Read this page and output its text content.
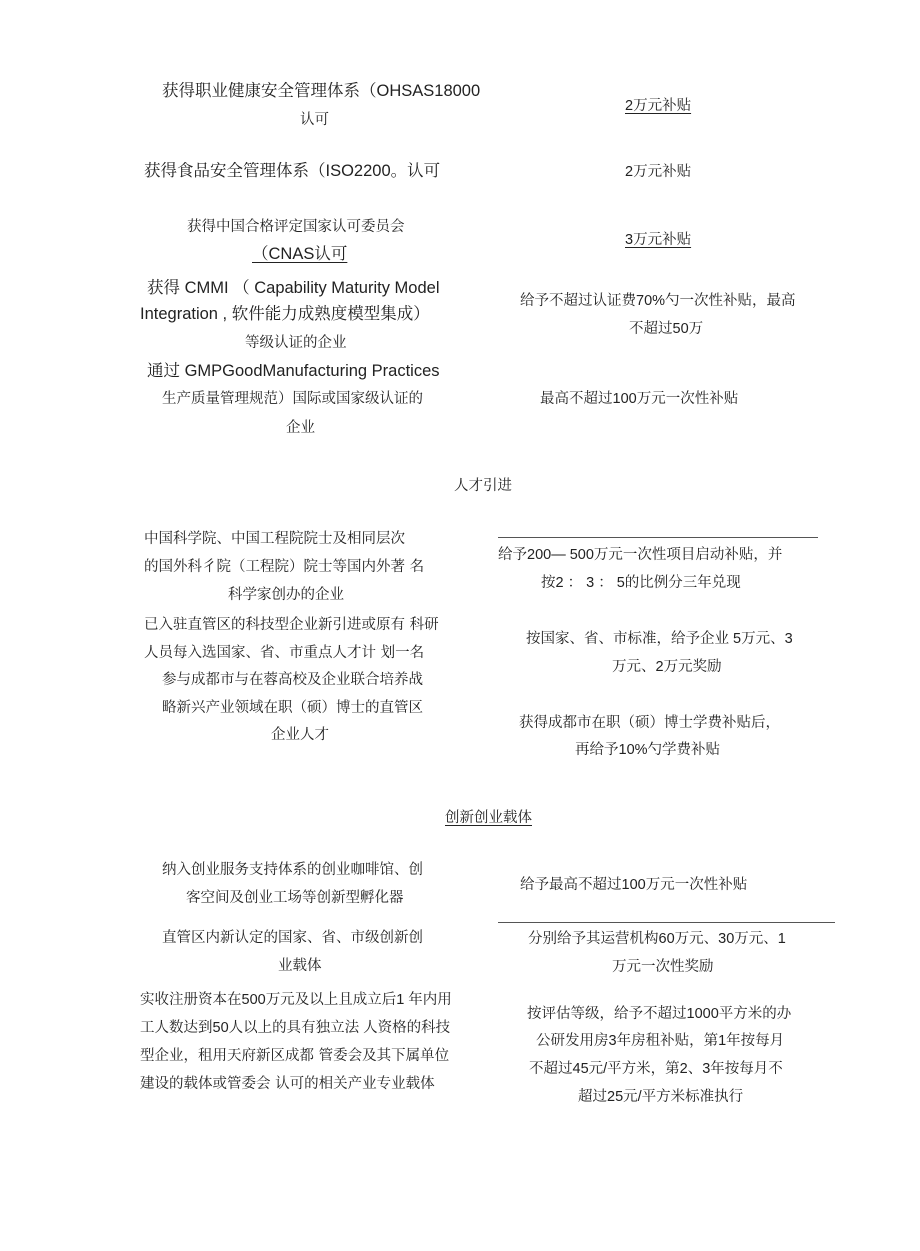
获得职业健康安全管理体系（OHSAS18000
认可
2万元补贴
获得食品安全管理体系（ISO2200。认可	2万元补贴
获得中国合格评定国家认可委员会
（CNAS认可
3万元补贴
获得 CMMI （ Capability Maturity Model
Integration , 软件能力成熟度模型集成）
等级认证的企业
给予不超过认证费70%勺一次性补贴，最高
不超过50万
通过 GMPGoodManufacturing Practices
生产质量管理规范）国际或国家级认证的
企业
最高不超过100万元一次性补贴
人才引进
中国科学院、中国工程院院士及相同层次
的国外科彳院（工程院）院士等国内外著 名
科学家创办的企业
给予200— 500万元一次性项目启动补贴，并
按2 ： 3 ： 5的比例分三年兑现
已入驻直管区的科技型企业新引进或原有 科研
人员每入选国家、省、市重点人才计 划一名
按国家、省、市标准，给予企业 5万元、3
万元、2万元奖励
参与成都市与在蓉高校及企业联合培养战
略新兴产业领域在职（硕）博士的直管区
企业人才
获得成都市在职（硕）博士学费补贴后，
再给予10%勺学费补贴
创新创业载体
纳入创业服务支持体系的创业咖啡馆、创
客空间及创业工场等创新型孵化器
给予最高不超过100万元一次性补贴
直管区内新认定的国家、省、市级创新创
业载体
分别给予其运营机构60万元、30万元、1
万元一次性奖励
实收注册资本在500万元及以上且成立后1 年内用
工人数达到50人以上的具有独立法 人资格的科技
型企业，租用天府新区成都 管委会及其下属单位
建设的载体或管委会 认可的相关产业专业载体
按评估等级，给予不超过1000平方米的办
公研发用房3年房租补贴，第1年按每月
不超过45元/平方米，第2、3年按每月不
超过25元/平方米标准执行
